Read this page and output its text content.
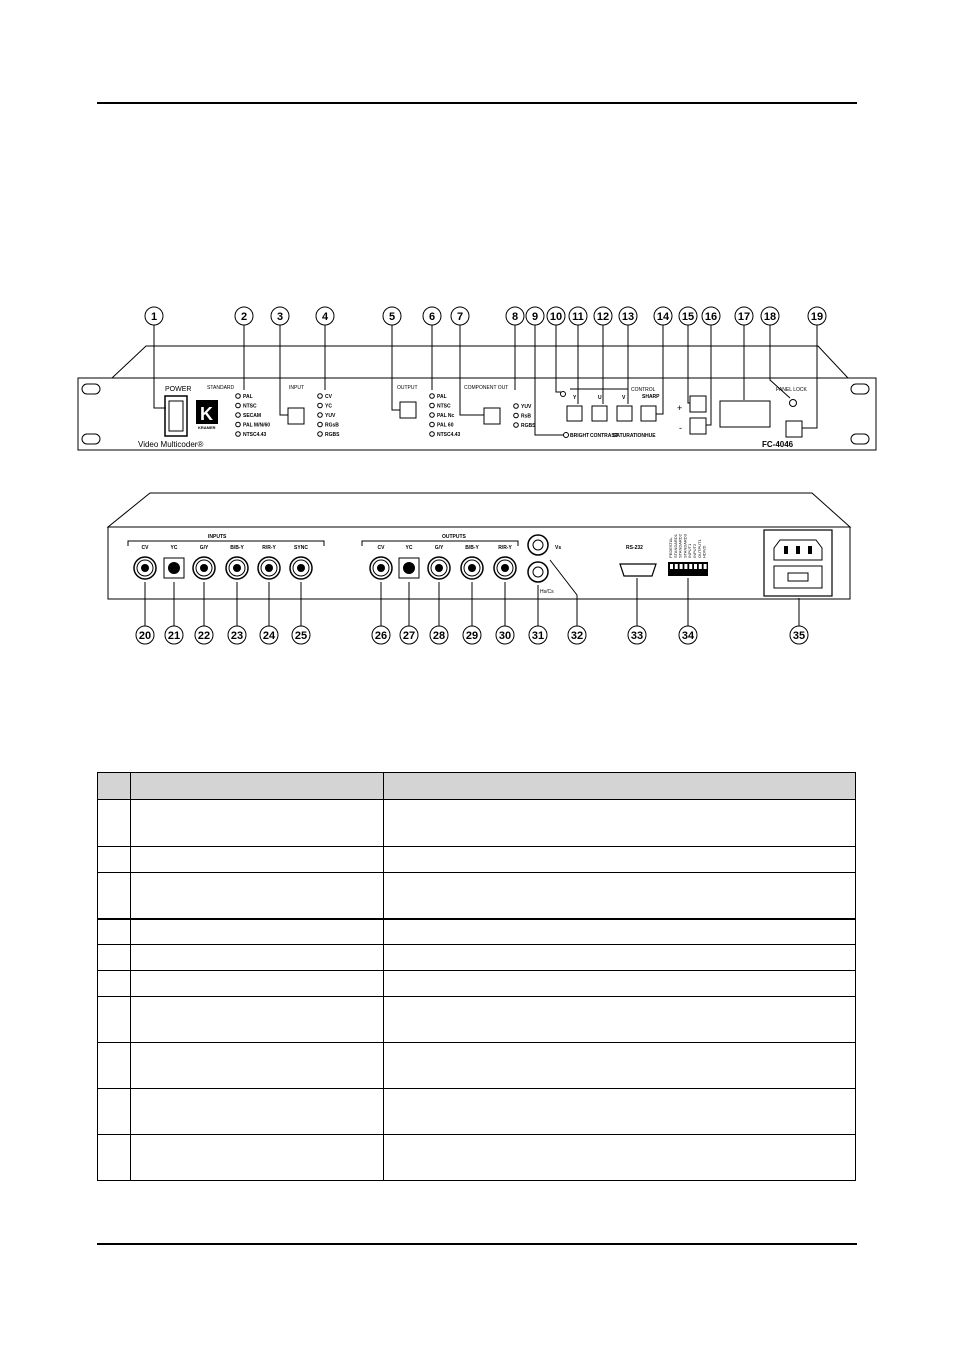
POWER
K
KRAMER
STANDARD
PAL
NTSC
SECAM
PAL M/N/60
NTSC4.43
INPUT
CV
YC
YUV
RGsB
RGBS
OUTPUT
PAL
NTSC
PAL Nc
PAL 60
NTSC4.43
COMPONENT OUT
YUV
RsB
RGBS
BRIGHT
CONTROL
SHARP
Y	U	V
CONTRAST
SATURATION HUE
+
-
PANEL LOCK
Video Multicoder®	FC-4046
1	2	3	4	5	6 7	8 9 10 11 12 13 14 15 16 17 18	19
INPUTS	OUTPUTS
CV	YC	G/Y	B/B-Y	R/R-Y	SYNC	CV	YC	G/Y	B/B-Y	R/R-Y	Vs
Hs/Cs
RS-232	PEDESTAL STANDARD1 STANDARD2 STANDARD3 INPUT1 INPUT2 OUTPUT1 HD/VD
20 21 22 23 24 25	26 27 28 29 30 31 32	33	34	35
